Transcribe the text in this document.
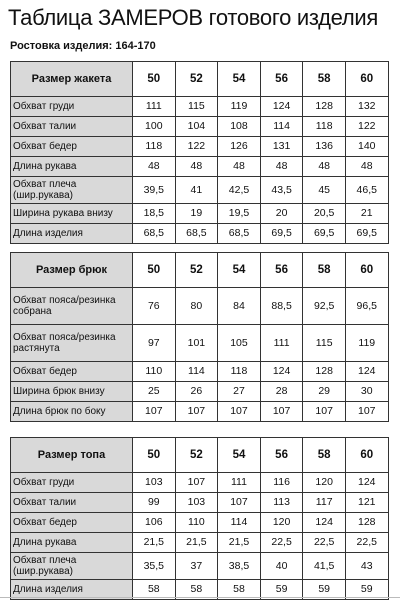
Таблица ЗАМЕРОВ готового изделия
Ростовка изделия: 164-170
Размер жакета	50	52	54	56	58	60
Обхват груди	111	115	119	124	128	132
Обхват талии	100	104	108	114	118	122
Обхват бедер	118	122	126	131	136	140
Длина рукава	48	48	48	48	48	48
Обхват плеча (шир.рукава)	39,5	41	42,5	43,5	45	46,5
Ширина рукава внизу	18,5	19	19,5	20	20,5	21
Длина изделия	68,5	68,5	68,5	69,5	69,5	69,5
Размер брюк	50	52	54	56	58	60
Обхват пояса/резинка собрана	76	80	84	88,5	92,5	96,5
Обхват пояса/резинка растянута	97	101	105	111	115	119
Обхват бедер	110	114	118	124	128	124
Ширина брюк внизу	25	26	27	28	29	30
Длина брюк по боку	107	107	107	107	107	107
Размер топа	50	52	54	56	58	60
Обхват груди	103	107	111	116	120	124
Обхват талии	99	103	107	113	117	121
Обхват бедер	106	110	114	120	124	128
Длина рукава	21,5	21,5	21,5	22,5	22,5	22,5
Обхват плеча (шир.рукава)	35,5	37	38,5	40	41,5	43
Длина изделия	58	58	58	59	59	59
